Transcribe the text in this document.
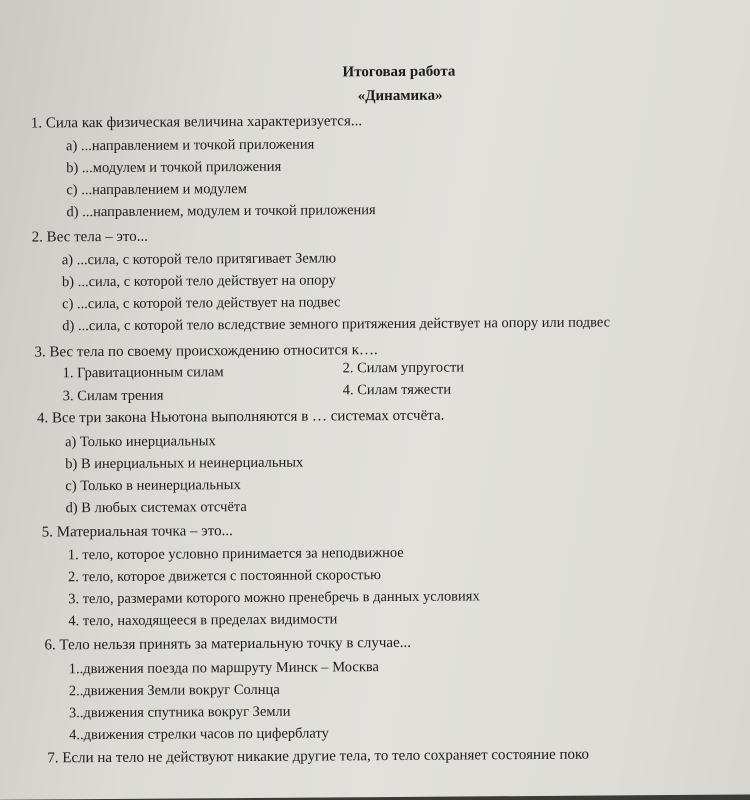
Итоговая работа
«Динамика»
1. Сила как физическая величина характеризуется...
a) ...направлением и точкой приложения
b) ...модулем и точкой приложения
c) ...направлением и модулем
d) ...направлением, модулем и точкой приложения
2. Вес тела – это...
a) ...сила, с которой тело притягивает Землю
b) ...сила, с которой тело действует на опору
c) ...сила, с которой тело действует на подвес
d) ...сила, с которой тело вследствие земного притяжения действует на опору или подвес
3. Вес тела по своему происхождению относится к….
1. Гравитационным силам	2. Силам упругости
3. Силам трения	4. Силам тяжести
4. Все три закона Ньютона выполняются в … системах отсчёта.
a) Только инерциальных
b) В инерциальных и неинерциальных
c) Только в неинерциальных
d) В любых системах отсчёта
5. Материальная точка – это...
1. тело, которое условно принимается за неподвижное
2. тело, которое движется с постоянной скоростью
3. тело, размерами которого можно пренебречь в данных условиях
4. тело, находящееся в пределах видимости
6. Тело нельзя принять за материальную точку в случае...
1..движения поезда по маршруту Минск – Москва
2..движения Земли вокруг Солнца
3..движения спутника вокруг Земли
4..движения стрелки часов по циферблату
7. Если на тело не действуют никакие другие тела, то тело сохраняет состояние поко
